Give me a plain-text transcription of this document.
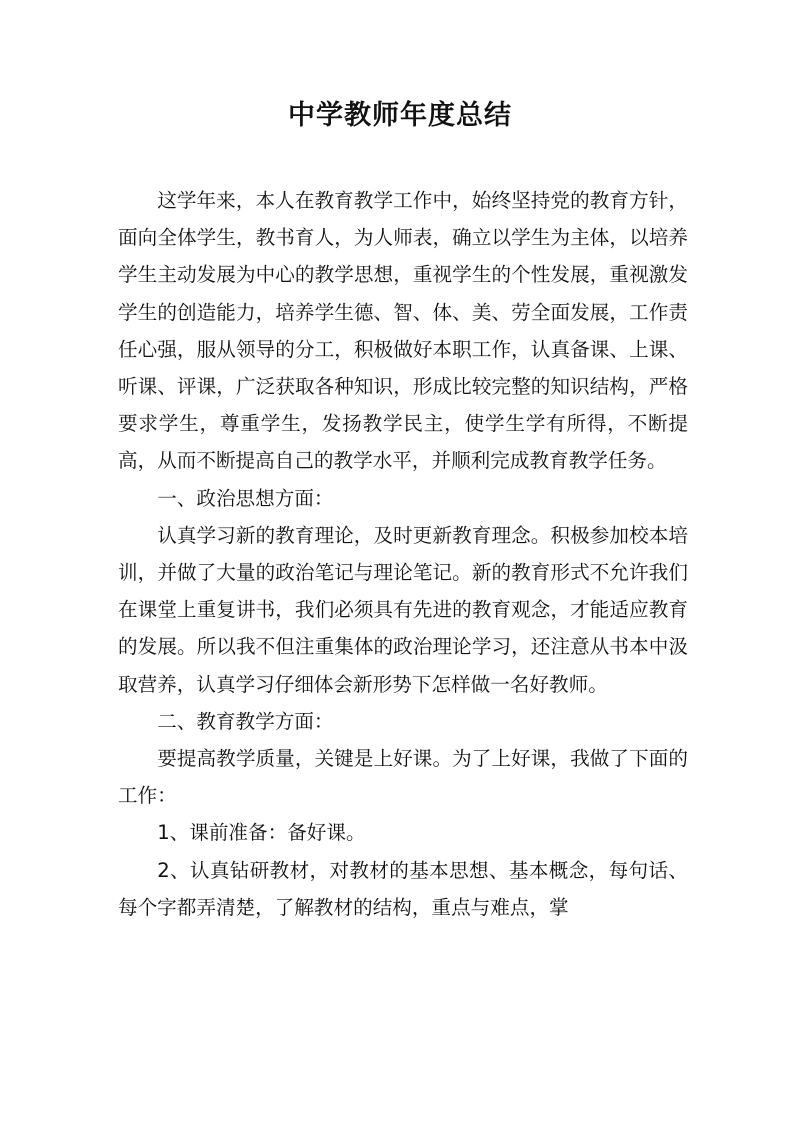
中学教师年度总结

这学年来，本人在教育教学工作中，始终坚持党的教育方针，面向全体学生，教书育人，为人师表，确立以学生为主体，以培养学生主动发展为中心的教学思想，重视学生的个性发展，重视激发学生的创造能力，培养学生德、智、体、美、劳全面发展，工作责任心强，服从领导的分工，积极做好本职工作，认真备课、上课、听课、评课，广泛获取各种知识，形成比较完整的知识结构，严格要求学生，尊重学生，发扬教学民主，使学生学有所得，不断提高，从而不断提高自己的教学水平，并顺利完成教育教学任务。

一、政治思想方面：

认真学习新的教育理论，及时更新教育理念。积极参加校本培训，并做了大量的政治笔记与理论笔记。新的教育形式不允许我们在课堂上重复讲书，我们必须具有先进的教育观念，才能适应教育的发展。所以我不但注重集体的政治理论学习，还注意从书本中汲取营养，认真学习仔细体会新形势下怎样做一名好教师。

二、教育教学方面：

要提高教学质量，关键是上好课。为了上好课，我做了下面的工作：

1、课前准备：备好课。

2、认真钻研教材，对教材的基本思想、基本概念，每句话、每个字都弄清楚，了解教材的结构，重点与难点，掌
